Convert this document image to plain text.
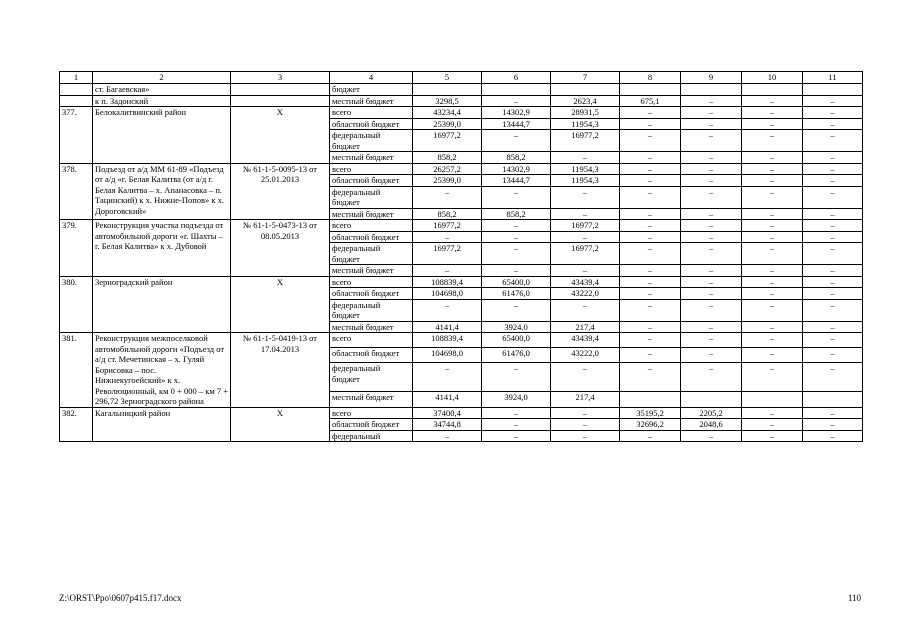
1	2	3	4	5	6	7	8	9	10	11
	ст. Багаевская»		бюджет							
	к п. Задонский		местный бюджет	3298,5	–	2623,4	675,1	–	–	–
377.	Белокалитвинский район	Х	всего	43234,4	14302,9	28931,5	–	–	–	–
			областной бюджет	25399,0	13444,7	11954,3	–	–	–	–
			федеральный бюджет	16977,2	–	16977,2	–	–	–	–
			местный бюджет	858,2	858,2	–	–	–	–	–
378.	Подъезд от а/д ММ 61-89 «Подъезд от а/д «г. Белая Калитва (от а/д г. Белая Калитва – х. Апанасовка – п. Тацинский) к х. Нижне-Попов» к х. Дороговский»	№ 61-1-5-0095-13 от 25.01.2013	всего	26257,2	14302,9	11954,3	–	–	–	–
			областной бюджет	25399,0	13444,7	11954,3	–	–	–	–
			федеральный бюджет	–	–	–	–	–	–	–
			местный бюджет	858,2	858,2	–	–	–	–	–
379.	Реконструкция участка подъезда от автомобильной дороги «г. Шахты – г. Белая Калитва» к х. Дубовой	№ 61-1-5-0473-13 от 08.05.2013	всего	16977,2	–	16977,2	–	–	–	–
			областной бюджет	–	–	–	–	–	–	–
			федеральный бюджет	16977,2	–	16977,2	–	–	–	–
			местный бюджет	–	–	–	–	–	–	–
380.	Зерноградский район	Х	всего	108839,4	65400,0	43439,4	–	–	–	–
			областной бюджет	104698,0	61476,0	43222,0	–	–	–	–
			федеральный бюджет	–	–	–	–	–	–	–
			местный бюджет	4141,4	3924,0	217,4	–	–	–	–
381.	Реконструкция межпоселковой автомобильной дороги «Подъезд от а/д ст. Мечетинская – х. Гуляй Борисовка – пос. Нижнекугоейский» к х. Революционный, км 0 + 000 – км 7 + 296,72 Зерноградского района	№ 61-1-5-0419-13 от 17.04.2013	всего	108839,4	65400,0	43439,4	–	–	–	–
			областной бюджет	104698,0	61476,0	43222,0	–	–	–	–
			федеральный бюджет	–	–	–	–	–	–	–
			местный бюджет	4141,4	3924,0	217,4				
382.	Кагальницкий район	Х	всего	37400,4	–	–	35195,2	2205,2	–	–
			областной бюджет	34744,8	–	–	32696,2	2048,6	–	–
			федеральный	–	–	–	–	–	–	–
Z:\ORST\Ppo\0607p415.f17.docx	110
